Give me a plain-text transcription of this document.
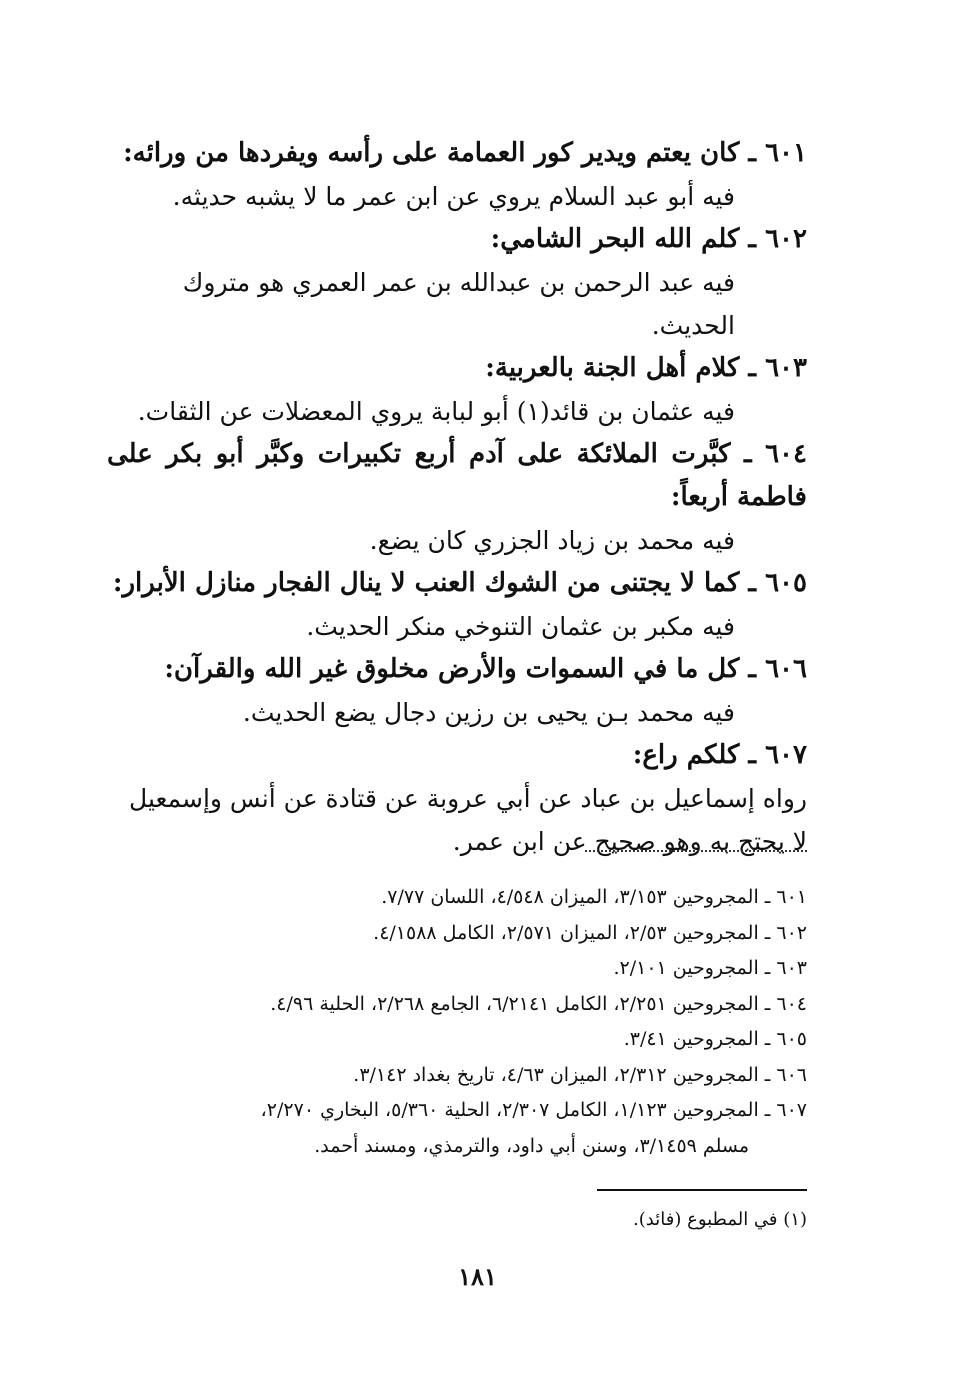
٦٠١ ـ كان يعتم ويدير كور العمامة على رأسه ويفردها من ورائه:

فيه أبو عبد السلام يروي عن ابن عمر ما لا يشبه حديثه.

٦٠٢ ـ كلم الله البحر الشامي:

فيه عبد الرحمن بن عبدالله بن عمر العمري هو متروك الحديث.

٦٠٣ ـ كلام أهل الجنة بالعربية:

فيه عثمان بن قائد(١) أبو لبابة يروي المعضلات عن الثقات.

٦٠٤ ـ كبَّرت الملائكة على آدم أربع تكبيرات وكبَّر أبو بكر على فاطمة أربعاً:

فيه محمد بن زياد الجزري كان يضع.

٦٠٥ ـ كما لا يجتنى من الشوك العنب لا ينال الفجار منازل الأبرار:

فيه مكبر بن عثمان التنوخي منكر الحديث.

٦٠٦ ـ كل ما في السموات والأرض مخلوق غير الله والقرآن:

فيه محمد بـن يحيى بن رزين دجال يضع الحديث.

٦٠٧ ـ كلكم راع:

رواه إسماعيل بن عباد عن أبي عروبة عن قتادة عن أنس وإسمعيل لا يحتج به وهو صحيح عن ابن عمر.

٦٠١ ـ المجروحين ٣/١٥٣، الميزان ٤/٥٤٨، اللسان ٧/٧٧.

٦٠٢ ـ المجروحين ٢/٥٣، الميزان ٢/٥٧١، الكامل ٤/١٥٨٨.

٦٠٣ ـ المجروحين ٢/١٠١.

٦٠٤ ـ المجروحين ٢/٢٥١، الكامل ٦/٢١٤١، الجامع ٢/٢٦٨، الحلية ٤/٩٦.

٦٠٥ ـ المجروحين ٣/٤١.

٦٠٦ ـ المجروحين ٢/٣١٢، الميزان ٤/٦٣، تاريخ بغداد ٣/١٤٢.

٦٠٧ ـ المجروحين ١/١٢٣، الكامل ٢/٣٠٧، الحلية ٥/٣٦٠، البخاري ٢/٢٧٠،

مسلم ٣/١٤٥٩، وسنن أبي داود، والترمذي، ومسند أحمد.

(١) في المطبوع (فائد).
١٨١
